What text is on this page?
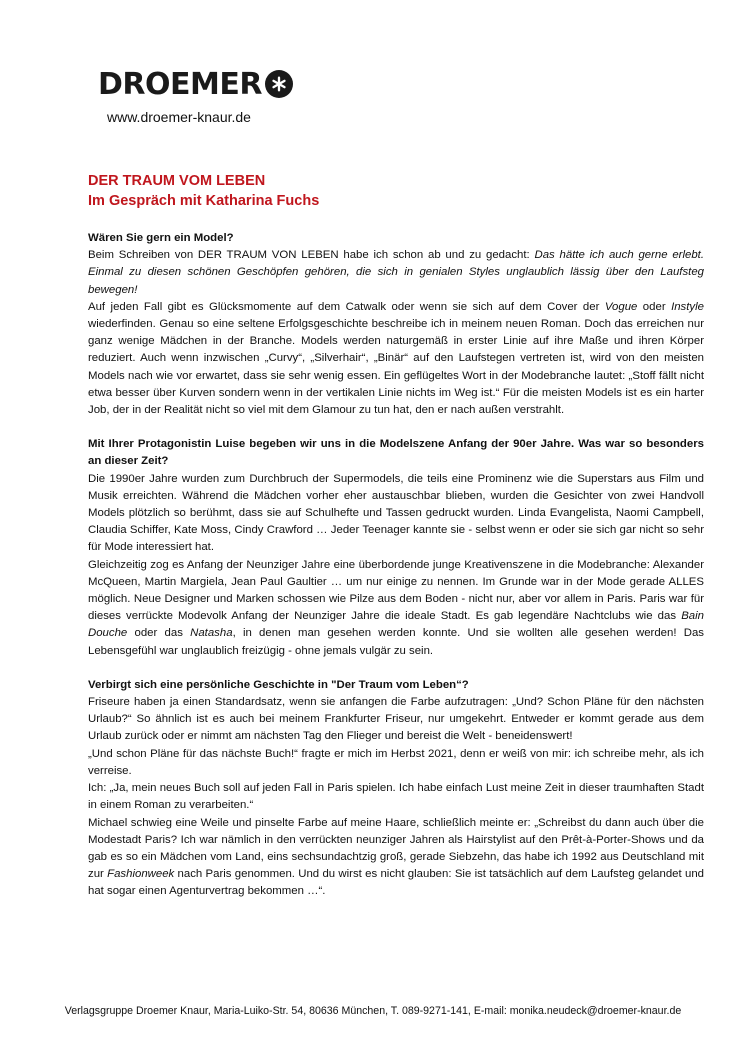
DROEMER
www.droemer-knaur.de
DER TRAUM VOM LEBEN
Im Gespräch mit Katharina Fuchs

Wären Sie gern ein Model?

Beim Schreiben von DER TRAUM VON LEBEN habe ich schon ab und zu gedacht: Das hätte ich auch gerne erlebt. Einmal zu diesen schönen Geschöpfen gehören, die sich in genialen Styles unglaublich lässig über den Laufsteg bewegen!

Auf jeden Fall gibt es Glücksmomente auf dem Catwalk oder wenn sie sich auf dem Cover der Vogue oder Instyle wiederfinden. Genau so eine seltene Erfolgsgeschichte beschreibe ich in meinem neuen Roman. Doch das erreichen nur ganz wenige Mädchen in der Branche. Models werden naturgemäß in erster Linie auf ihre Maße und ihren Körper reduziert. Auch wenn inzwischen „Curvy“, „Silverhair“, „Binär“ auf den Laufstegen vertreten ist, wird von den meisten Models nach wie vor erwartet, dass sie sehr wenig essen. Ein geflügeltes Wort in der Modebranche lautet: „Stoff fällt nicht etwa besser über Kurven sondern wenn in der vertikalen Linie nichts im Weg ist.“ Für die meisten Models ist es ein harter Job, der in der Realität nicht so viel mit dem Glamour zu tun hat, den er nach außen verstrahlt.

Mit Ihrer Protagonistin Luise begeben wir uns in die Modelszene Anfang der 90er Jahre. Was war so besonders an dieser Zeit?

Die 1990er Jahre wurden zum Durchbruch der Supermodels, die teils eine Prominenz wie die Superstars aus Film und Musik erreichten. Während die Mädchen vorher eher austauschbar blieben, wurden die Gesichter von zwei Handvoll Models plötzlich so berühmt, dass sie auf Schulhefte und Tassen gedruckt wurden. Linda Evangelista, Naomi Campbell, Claudia Schiffer, Kate Moss, Cindy Crawford … Jeder Teenager kannte sie - selbst wenn er oder sie sich gar nicht so sehr für Mode interessiert hat.

Gleichzeitig zog es Anfang der Neunziger Jahre eine überbordende junge Kreativenszene in die Modebranche: Alexander McQueen, Martin Margiela, Jean Paul Gaultier … um nur einige zu nennen. Im Grunde war in der Mode gerade ALLES möglich. Neue Designer und Marken schossen wie Pilze aus dem Boden - nicht nur, aber vor allem in Paris. Paris war für dieses verrückte Modevolk Anfang der Neunziger Jahre die ideale Stadt. Es gab legendäre Nachtclubs wie das Bain Douche oder das Natasha, in denen man gesehen werden konnte. Und sie wollten alle gesehen werden! Das Lebensgefühl war unglaublich freizügig - ohne jemals vulgär zu sein.

Verbirgt sich eine persönliche Geschichte in "Der Traum vom Leben“?

Friseure haben ja einen Standardsatz, wenn sie anfangen die Farbe aufzutragen: „Und? Schon Pläne für den nächsten Urlaub?“ So ähnlich ist es auch bei meinem Frankfurter Friseur, nur umgekehrt. Entweder er kommt gerade aus dem Urlaub zurück oder er nimmt am nächsten Tag den Flieger und bereist die Welt - beneidenswert!

„Und schon Pläne für das nächste Buch!“ fragte er mich im Herbst 2021, denn er weiß von mir: ich schreibe mehr, als ich verreise.

Ich: „Ja, mein neues Buch soll auf jeden Fall in Paris spielen. Ich habe einfach Lust meine Zeit in dieser traumhaften Stadt in einem Roman zu verarbeiten.“

Michael schwieg eine Weile und pinselte Farbe auf meine Haare, schließlich meinte er: „Schreibst du dann auch über die Modestadt Paris? Ich war nämlich in den verrückten neunziger Jahren als Hairstylist auf den Prêt-à-Porter-Shows und da gab es so ein Mädchen vom Land, eins sechsundachtzig groß, gerade Siebzehn, das habe ich 1992 aus Deutschland mit zur Fashionweek nach Paris genommen. Und du wirst es nicht glauben: Sie ist tatsächlich auf dem Laufsteg gelandet und hat sogar einen Agenturvertrag bekommen …“.

Verlagsgruppe Droemer Knaur, Maria-Luiko-Str. 54, 80636 München, T. 089-9271-141, E-mail: monika.neudeck@droemer-knaur.de
